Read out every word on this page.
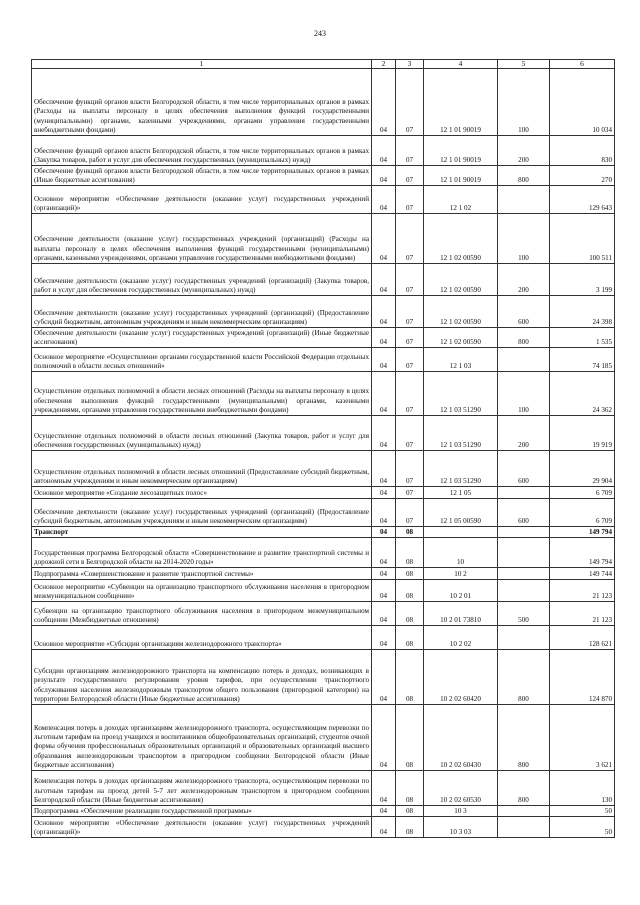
243
1	2	3	4	5	6
Обеспечение функций органов власти Белгородской области, в том числе территориальных органов в рамках (Расходы на выплаты персоналу в целях обеспечения выполнения функций государственными (муниципальными) органами, казенными учреждениями, органами управления государственными внебюджетными фондами)	04	07	12 1 01 90019	100	10 034
Обеспечение функций органов власти Белгородской области, в том числе территориальных органов в рамках (Закупка товаров, работ и услуг для обеспечения государственных (муниципальных) нужд)	04	07	12 1 01 90019	200	830
Обеспечение функций органов власти Белгородской области, в том числе территориальных органов в рамках (Иные бюджетные ассигнования)	04	07	12 1 01 90019	800	270
Основное мероприятие «Обеспечение деятельности (оказание услуг) государственных учреждений (организаций)»	04	07	12 1 02		129 643
Обеспечение деятельности (оказание услуг) государственных учреждений (организаций) (Расходы на выплаты персоналу в целях обеспечения выполнения функций государственными (муниципальными) органами, казенными учреждениями, органами управления государственными внебюджетными фондами)	04	07	12 1 02 00590	100	100 511
Обеспечение деятельности (оказание услуг) государственных учреждений (организаций) (Закупка товаров, работ и услуг для обеспечения государственных (муниципальных) нужд)	04	07	12 1 02 00590	200	3 199
Обеспечение деятельности (оказание услуг) государственных учреждений (организаций) (Предоставление субсидий бюджетным, автономным учреждениям и иным некоммерческим организациям)	04	07	12 1 02 00590	600	24 398
Обеспечение деятельности (оказание услуг) государственных учреждений (организаций) (Иные бюджетные ассигнования)	04	07	12 1 02 00590	800	1 535
Основное мероприятие «Осуществление органами государственной власти Российской Федерации отдельных полномочий в области лесных отношений»	04	07	12 1 03		74 185
Осуществление отдельных полномочий в области лесных отношений (Расходы на выплаты персоналу в целях обеспечения выполнения функций государственными (муниципальными) органами, казенными учреждениями, органами управления государственными внебюджетными фондами)	04	07	12 1 03 51290	100	24 362
Осуществление отдельных полномочий в области лесных отношений (Закупка товаров, работ и услуг для обеспечения государственных (муниципальных) нужд)	04	07	12 1 03 51290	200	19 919
Осуществление отдельных полномочий в области лесных отношений (Предоставление субсидий бюджетным, автономным учреждениям и иным некоммерческим организациям)	04	07	12 1 03 51290	600	29 904
Основное мероприятие «Создание лесозащитных полос»	04	07	12 1 05		6 709
Обеспечение деятельности (оказание услуг) государственных учреждений (организаций) (Предоставление субсидий бюджетным, автономным учреждениям и иным некоммерческим организациям)	04	07	12 1 05 00590	600	6 709
Транспорт	04	08			149 794
Государственная программа Белгородской области «Совершенствование и развитие транспортной системы и дорожной сети в Белгородской области на 2014-2020 годы»	04	08	10		149 794
Подпрограмма «Совершенствование и развитие транспортной системы»	04	08	10 2		149 744
Основное мероприятие «Субвенции на организацию транспортного обслуживания населения в пригородном межмуниципальном сообщении»	04	08	10 2 01		21 123
Субвенции на организацию транспортного обслуживания населения в пригородном межмуниципальном сообщении (Межбюджетные отношения)	04	08	10 2 01 73810	500	21 123
Основное мероприятие «Субсидии организациям железнодорожного транспорта»	04	08	10 2 02		128 621
Субсидии организациям железнодорожного транспорта на компенсацию потерь в доходах, возникающих в результате государственного регулирования уровня тарифов, при осуществлении транспортного обслуживания населения железнодорожным транспортом общего пользования (пригородной категории) на территории Белгородской области (Иные бюджетные ассигнования)	04	08	10 2 02 60420	800	124 870
Компенсация потерь в доходах организациям железнодорожного транспорта, осуществляющим перевозки по льготным тарифам на проезд учащихся и воспитанников общеобразовательных организаций, студентов очной формы обучения профессиональных образовательных организаций и образовательных организаций высшего образования железнодорожным транспортом в пригородном сообщении Белгородской области (Иные бюджетные ассигнования)	04	08	10 2 02 60430	800	3 621
Компенсация потерь в доходах организациям железнодорожного транспорта, осуществляющим перевозки по льготным тарифам на проезд детей 5-7 лет железнодорожным транспортом в пригородном сообщении Белгородской области (Иные бюджетные ассигнования)	04	08	10 2 02 60530	800	130
Подпрограмма «Обеспечение реализации государственной программы»	04	08	10 3		50
Основное мероприятие «Обеспечение деятельности (оказание услуг) государственных учреждений (организаций)»	04	08	10 3 03		50
